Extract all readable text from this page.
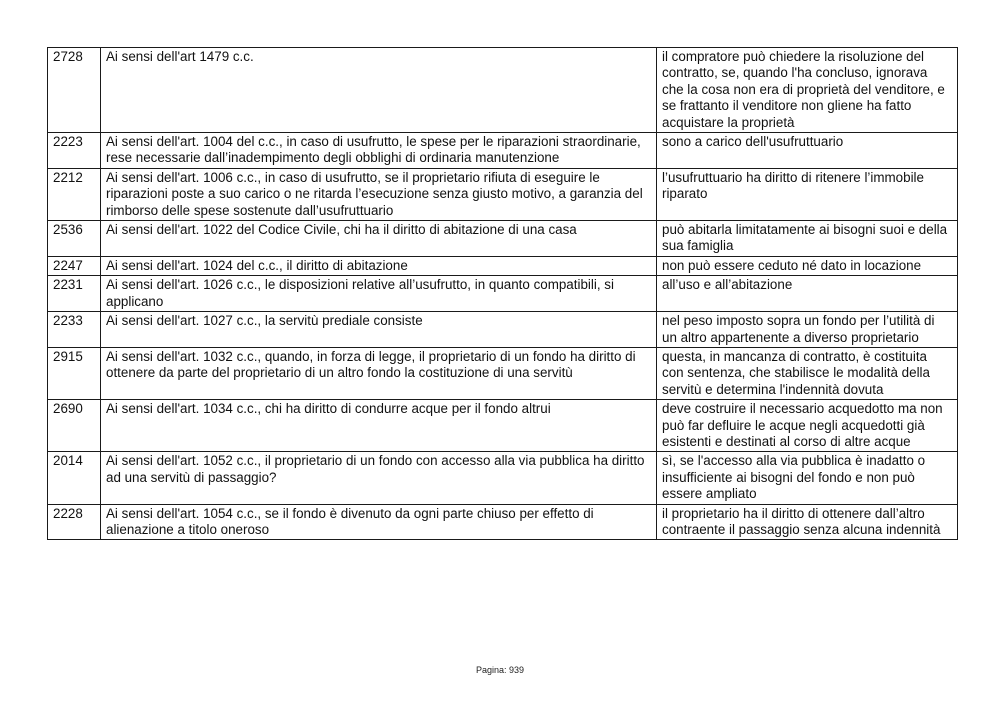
2728	Ai sensi dell'art 1479 c.c.	il compratore può chiedere la risoluzione del contratto, se, quando l'ha concluso, ignorava che la cosa non era di proprietà del venditore, e se frattanto il venditore non gliene ha fatto acquistare la proprietà
2223	Ai sensi dell'art. 1004 del c.c., in caso di usufrutto, le spese per le riparazioni straordinarie, rese necessarie dall’inadempimento degli obblighi di ordinaria manutenzione	sono a carico dell'usufruttuario
2212	Ai sensi dell'art. 1006 c.c., in caso di usufrutto, se il proprietario rifiuta di eseguire le riparazioni poste a suo carico o ne ritarda l’esecuzione senza giusto motivo, a garanzia del rimborso delle spese sostenute dall’usufruttuario	l’usufruttuario ha diritto di ritenere l’immobile riparato
2536	Ai sensi dell'art. 1022 del Codice Civile, chi ha il diritto di abitazione di una casa	può abitarla limitatamente ai bisogni suoi e della sua famiglia
2247	Ai sensi dell'art. 1024 del c.c., il diritto di abitazione	non può essere ceduto né dato in locazione
2231	Ai sensi dell'art. 1026 c.c., le disposizioni relative all’usufrutto, in quanto compatibili, si applicano	all’uso e all’abitazione
2233	Ai sensi dell'art. 1027 c.c., la servitù prediale consiste	nel peso imposto sopra un fondo per l’utilità di un altro appartenente a diverso proprietario
2915	Ai sensi dell'art. 1032 c.c., quando, in forza di legge, il proprietario di un fondo ha diritto di ottenere da parte del proprietario di un altro fondo la costituzione di una servitù	questa, in mancanza di contratto, è costituita con sentenza, che stabilisce le modalità della servitù e determina l'indennità dovuta
2690	Ai sensi dell'art. 1034 c.c., chi ha diritto di condurre acque per il fondo altrui	deve costruire il necessario acquedotto ma non può far defluire le acque negli acquedotti già esistenti e destinati al corso di altre acque
2014	Ai sensi dell'art. 1052 c.c., il proprietario di un fondo con accesso alla via pubblica ha diritto ad una servitù di passaggio?	sì, se l'accesso alla via pubblica è inadatto o insufficiente ai bisogni del fondo e non può essere ampliato
2228	Ai sensi dell'art. 1054 c.c., se il fondo è divenuto da ogni parte chiuso per effetto di alienazione a titolo oneroso	il proprietario ha il diritto di ottenere dall’altro contraente il passaggio senza alcuna indennità
Pagina: 939
